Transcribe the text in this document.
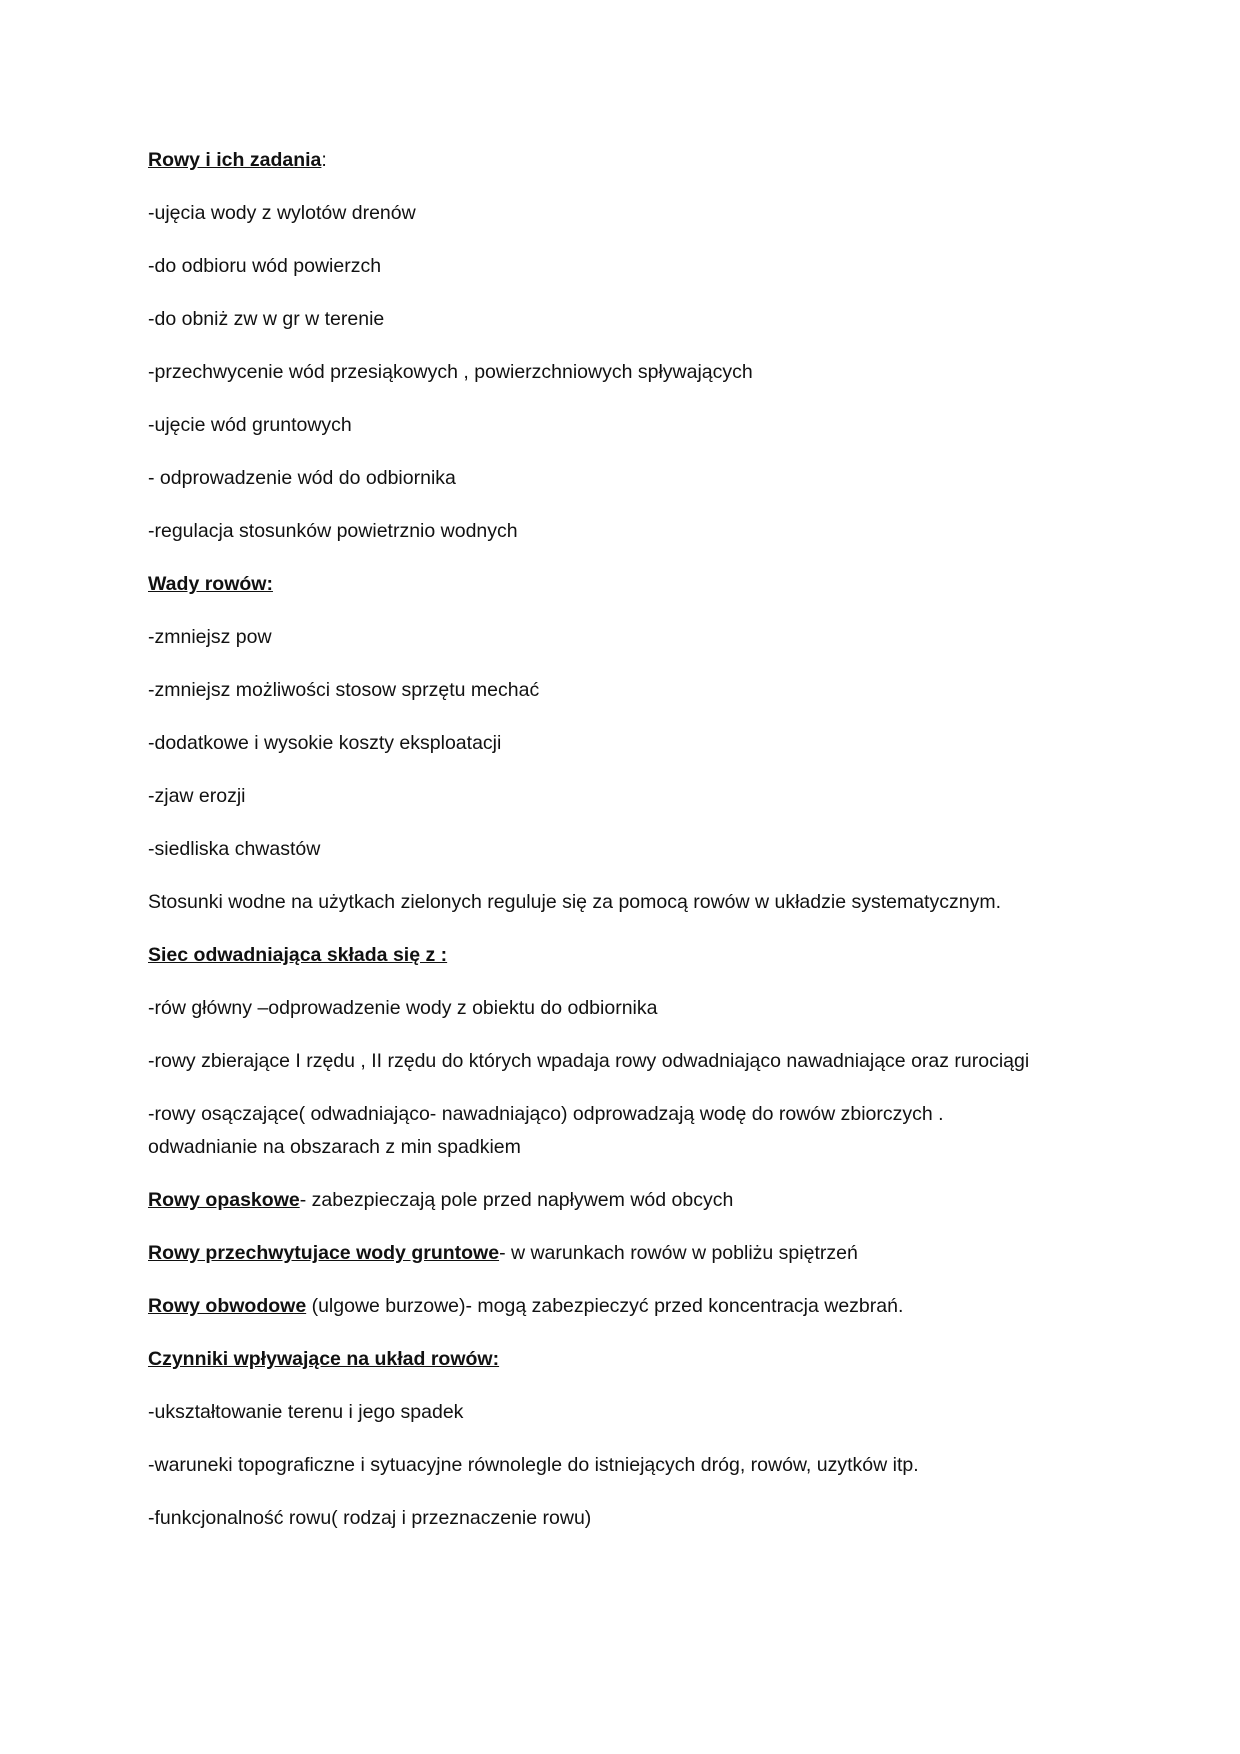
Rowy i ich zadania:

-ujęcia wody z wylotów drenów

-do odbioru wód powierzch

-do obniż zw w gr w terenie

-przechwycenie wód przesiąkowych , powierzchniowych spływających

-ujęcie wód gruntowych

- odprowadzenie wód do odbiornika

-regulacja stosunków powietrznio wodnych

Wady rowów:

-zmniejsz pow

-zmniejsz możliwości stosow sprzętu mechać

-dodatkowe i wysokie koszty eksploatacji

-zjaw erozji

-siedliska chwastów

Stosunki wodne na użytkach zielonych reguluje się za pomocą rowów w układzie systematycznym.

Siec odwadniająca składa się z :

-rów główny –odprowadzenie wody z obiektu do odbiornika

-rowy zbierające I rzędu , II rzędu do których wpadaja rowy odwadniająco nawadniające oraz rurociągi

-rowy osączające( odwadniająco- nawadniająco) odprowadzają wodę do rowów zbiorczych . odwadnianie na obszarach z min spadkiem

Rowy opaskowe- zabezpieczają pole przed napływem wód obcych

Rowy przechwytujace wody gruntowe- w warunkach rowów w pobliżu spiętrzeń

Rowy obwodowe (ulgowe burzowe)- mogą zabezpieczyć przed koncentracja wezbrań.

Czynniki wpływające na układ rowów:

-ukształtowanie terenu i jego spadek

-waruneki topograficzne i sytuacyjne równolegle do istniejących dróg, rowów, uzytków itp.

-funkcjonalność rowu( rodzaj i przeznaczenie rowu)
